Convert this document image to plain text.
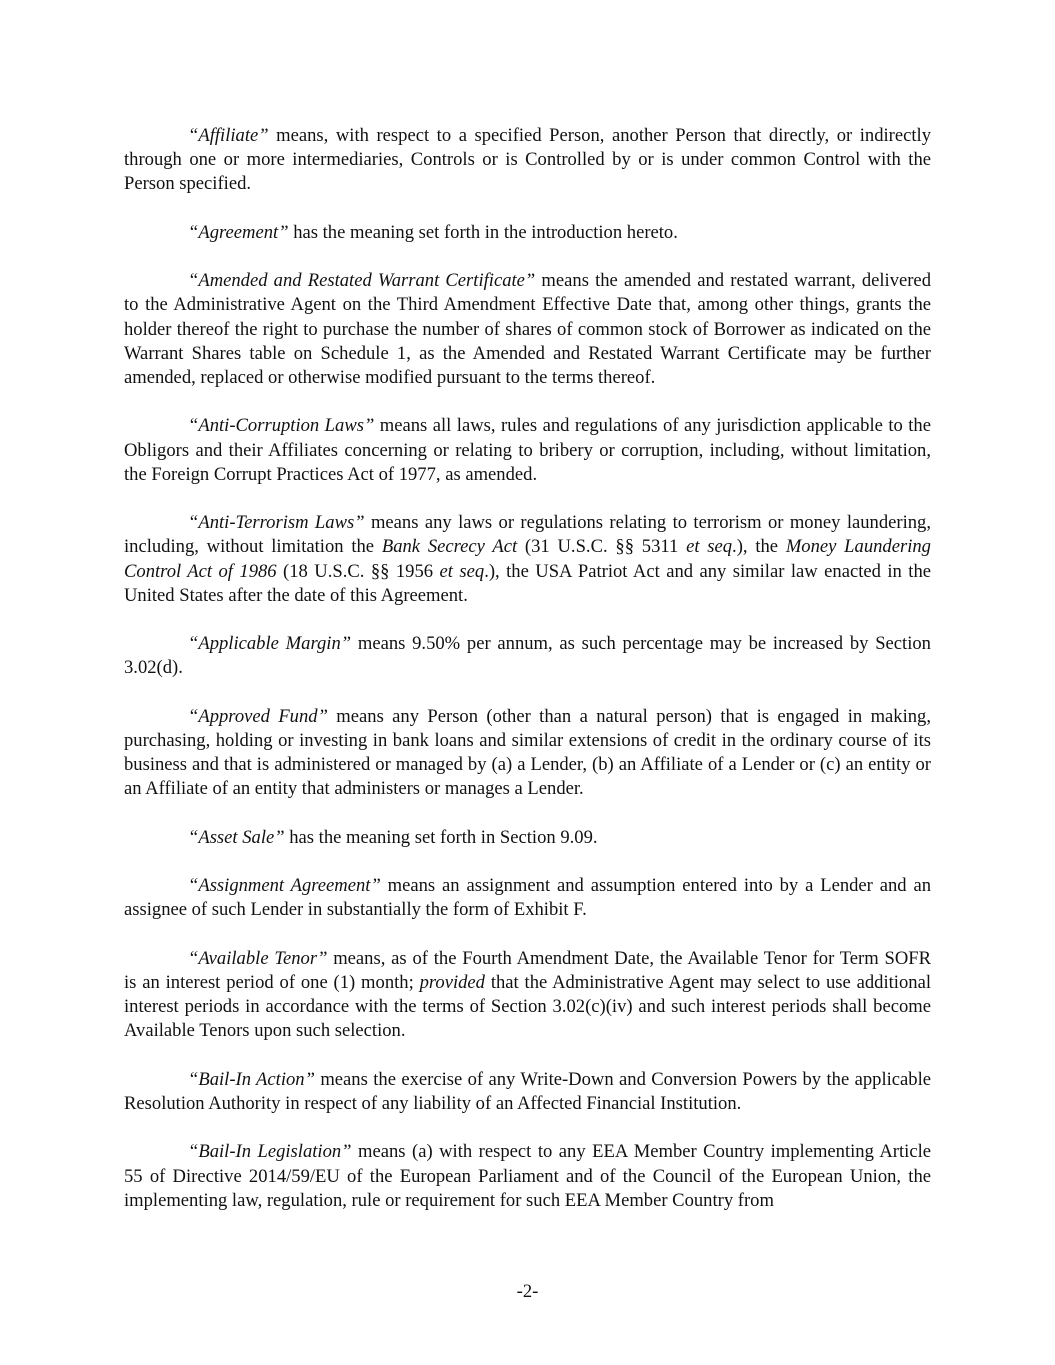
“Affiliate” means, with respect to a specified Person, another Person that directly, or indirectly through one or more intermediaries, Controls or is Controlled by or is under common Control with the Person specified.

“Agreement” has the meaning set forth in the introduction hereto.

“Amended and Restated Warrant Certificate” means the amended and restated warrant, delivered to the Administrative Agent on the Third Amendment Effective Date that, among other things, grants the holder thereof the right to purchase the number of shares of common stock of Borrower as indicated on the Warrant Shares table on Schedule 1, as the Amended and Restated Warrant Certificate may be further amended, replaced or otherwise modified pursuant to the terms thereof.

“Anti-Corruption Laws” means all laws, rules and regulations of any jurisdiction applicable to the Obligors and their Affiliates concerning or relating to bribery or corruption, including, without limitation, the Foreign Corrupt Practices Act of 1977, as amended.

“Anti-Terrorism Laws” means any laws or regulations relating to terrorism or money laundering, including, without limitation the Bank Secrecy Act (31 U.S.C. §§ 5311 et seq.), the Money Laundering Control Act of 1986 (18 U.S.C. §§ 1956 et seq.), the USA Patriot Act and any similar law enacted in the United States after the date of this Agreement.

“Applicable Margin” means 9.50% per annum, as such percentage may be increased by Section 3.02(d).

“Approved Fund” means any Person (other than a natural person) that is engaged in making, purchasing, holding or investing in bank loans and similar extensions of credit in the ordinary course of its business and that is administered or managed by (a) a Lender, (b) an Affiliate of a Lender or (c) an entity or an Affiliate of an entity that administers or manages a Lender.

“Asset Sale” has the meaning set forth in Section 9.09.

“Assignment Agreement” means an assignment and assumption entered into by a Lender and an assignee of such Lender in substantially the form of Exhibit F.

“Available Tenor” means, as of the Fourth Amendment Date, the Available Tenor for Term SOFR is an interest period of one (1) month; provided that the Administrative Agent may select to use additional interest periods in accordance with the terms of Section 3.02(c)(iv) and such interest periods shall become Available Tenors upon such selection.

“Bail-In Action” means the exercise of any Write-Down and Conversion Powers by the applicable Resolution Authority in respect of any liability of an Affected Financial Institution.

“Bail-In Legislation” means (a) with respect to any EEA Member Country implementing Article 55 of Directive 2014/59/EU of the European Parliament and of the Council of the European Union, the implementing law, regulation, rule or requirement for such EEA Member Country from

-2-
